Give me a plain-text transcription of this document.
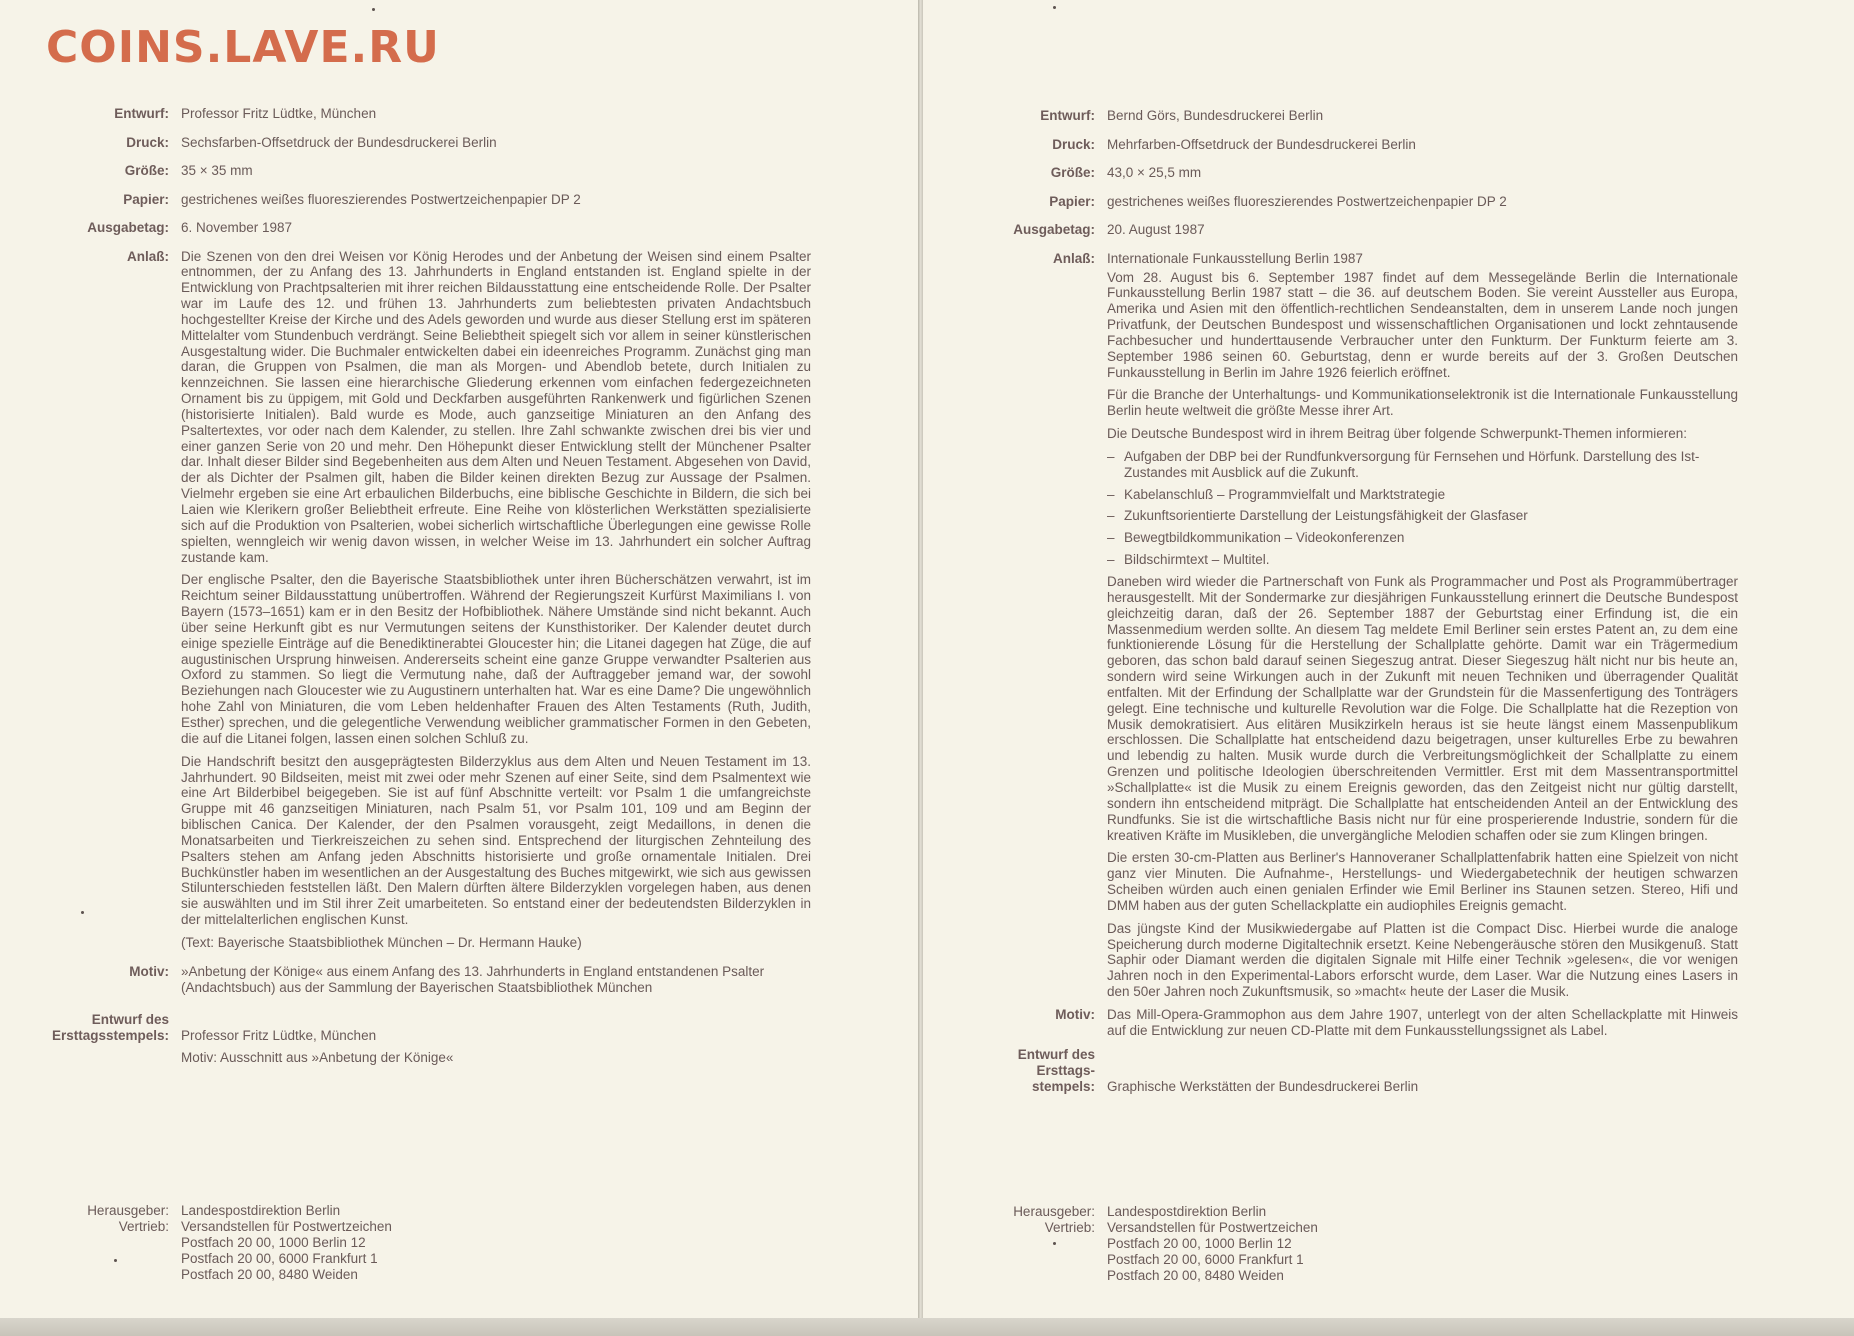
COINS.LAVE.RU
Entwurf: Professor Fritz Lüdtke, München
Druck: Sechsfarben-Offsetdruck der Bundesdruckerei Berlin
Größe: 35 × 35 mm
Papier: gestrichenes weißes fluoreszierendes Postwertzeichenpapier DP 2
Ausgabetag: 6. November 1987
Anlaß: Die Szenen von den drei Weisen vor König Herodes und der Anbetung der Weisen sind einem Psalter entnommen, der zu Anfang des 13. Jahrhunderts in England entstanden ist. England spielte in der Entwicklung von Prachtpsalterien mit ihrer reichen Bildausstattung eine entscheidende Rolle. Der Psalter war im Laufe des 12. und frühen 13. Jahrhunderts zum beliebtesten privaten Andachtsbuch hochgestellter Kreise der Kirche und des Adels geworden und wurde aus dieser Stellung erst im späteren Mittelalter vom Stundenbuch verdrängt. Seine Beliebtheit spiegelt sich vor allem in seiner künstlerischen Ausgestaltung wider. Die Buchmaler entwickelten dabei ein ideenreiches Programm. Zunächst ging man daran, die Gruppen von Psalmen, die man als Morgen- und Abendlob betete, durch Initialen zu kennzeichnen. Sie lassen eine hierarchische Gliederung erkennen vom einfachen federgezeichneten Ornament bis zu üppigem, mit Gold und Deckfarben ausgeführten Rankenwerk und figürlichen Szenen (historisierte Initialen). Bald wurde es Mode, auch ganzseitige Miniaturen an den Anfang des Psaltertextes, vor oder nach dem Kalender, zu stellen. Ihre Zahl schwankte zwischen drei bis vier und einer ganzen Serie von 20 und mehr. Den Höhepunkt dieser Entwicklung stellt der Münchener Psalter dar. Inhalt dieser Bilder sind Begebenheiten aus dem Alten und Neuen Testament. Abgesehen von David, der als Dichter der Psalmen gilt, haben die Bilder keinen direkten Bezug zur Aussage der Psalmen. Vielmehr ergeben sie eine Art erbaulichen Bilderbuchs, eine biblische Geschichte in Bildern, die sich bei Laien wie Klerikern großer Beliebtheit erfreute. Eine Reihe von klösterlichen Werkstätten spezialisierte sich auf die Produktion von Psalterien, wobei sicherlich wirtschaftliche Überlegungen eine gewisse Rolle spielten, wenngleich wir wenig davon wissen, in welcher Weise im 13. Jahrhundert ein solcher Auftrag zustande kam.

Der englische Psalter, den die Bayerische Staatsbibliothek unter ihren Bücherschätzen verwahrt, ist im Reichtum seiner Bildausstattung unübertroffen. Während der Regierungszeit Kurfürst Maximilians I. von Bayern (1573–1651) kam er in den Besitz der Hofbibliothek. Nähere Umstände sind nicht bekannt. Auch über seine Herkunft gibt es nur Vermutungen seitens der Kunsthistoriker. Der Kalender deutet durch einige spezielle Einträge auf die Benediktinerabtei Gloucester hin; die Litanei dagegen hat Züge, die auf augustinischen Ursprung hinweisen. Andererseits scheint eine ganze Gruppe verwandter Psalterien aus Oxford zu stammen. So liegt die Vermutung nahe, daß der Auftraggeber jemand war, der sowohl Beziehungen nach Gloucester wie zu Augustinern unterhalten hat. War es eine Dame? Die ungewöhnlich hohe Zahl von Miniaturen, die vom Leben heldenhafter Frauen des Alten Testaments (Ruth, Judith, Esther) sprechen, und die gelegentliche Verwendung weiblicher grammatischer Formen in den Gebeten, die auf die Litanei folgen, lassen einen solchen Schluß zu.

Die Handschrift besitzt den ausgeprägtesten Bilderzyklus aus dem Alten und Neuen Testament im 13. Jahrhundert. 90 Bildseiten, meist mit zwei oder mehr Szenen auf einer Seite, sind dem Psalmentext wie eine Art Bilderbibel beigegeben. Sie ist auf fünf Abschnitte verteilt: vor Psalm 1 die umfangreichste Gruppe mit 46 ganzseitigen Miniaturen, nach Psalm 51, vor Psalm 101, 109 und am Beginn der biblischen Canica. Der Kalender, der den Psalmen vorausgeht, zeigt Medaillons, in denen die Monatsarbeiten und Tierkreiszeichen zu sehen sind. Entsprechend der liturgischen Zehnteilung des Psalters stehen am Anfang jeden Abschnitts historisierte und große ornamentale Initialen. Drei Buchkünstler haben im wesentlichen an der Ausgestaltung des Buches mitgewirkt, wie sich aus gewissen Stilunterschieden feststellen läßt. Den Malern dürften ältere Bilderzyklen vorgelegen haben, aus denen sie auswählten und im Stil ihrer Zeit umarbeiteten. So entstand einer der bedeutendsten Bilderzyklen in der mittelalterlichen englischen Kunst.

(Text: Bayerische Staatsbibliothek München – Dr. Hermann Hauke)

Motiv: »Anbetung der Könige« aus einem Anfang des 13. Jahrhunderts in England entstandenen Psalter (Andachtsbuch) aus der Sammlung der Bayerischen Staatsbibliothek München
Entwurf des
Ersttagsstempels: Professor Fritz Lüdtke, München
Motiv: Ausschnitt aus »Anbetung der Könige«
Herausgeber: Landespostdirektion Berlin
Vertrieb: Versandstellen für Postwertzeichen
Postfach 20 00, 1000 Berlin 12
Postfach 20 00, 6000 Frankfurt 1
Postfach 20 00, 8480 Weiden
Entwurf: Bernd Görs, Bundesdruckerei Berlin
Druck: Mehrfarben-Offsetdruck der Bundesdruckerei Berlin
Größe: 43,0 × 25,5 mm
Papier: gestrichenes weißes fluoreszierendes Postwertzeichenpapier DP 2
Ausgabetag: 20. August 1987
Anlaß: Internationale Funkausstellung Berlin 1987

Vom 28. August bis 6. September 1987 findet auf dem Messegelände Berlin die Internationale Funkausstellung Berlin 1987 statt – die 36. auf deutschem Boden. Sie vereint Aussteller aus Europa, Amerika und Asien mit den öffentlich-rechtlichen Sendeanstalten, dem in unserem Lande noch jungen Privatfunk, der Deutschen Bundespost und wissenschaftlichen Organisationen und lockt zehntausende Fachbesucher und hunderttausende Verbraucher unter den Funkturm. Der Funkturm feierte am 3. September 1986 seinen 60. Geburtstag, denn er wurde bereits auf der 3. Großen Deutschen Funkausstellung in Berlin im Jahre 1926 feierlich eröffnet.

Für die Branche der Unterhaltungs- und Kommunikationselektronik ist die Internationale Funkausstellung Berlin heute weltweit die größte Messe ihrer Art.

Die Deutsche Bundespost wird in ihrem Beitrag über folgende Schwerpunkt-Themen informieren:

– Aufgaben der DBP bei der Rundfunkversorgung für Fernsehen und Hörfunk. Darstellung des Ist-Zustandes mit Ausblick auf die Zukunft.
– Kabelanschluß – Programmvielfalt und Marktstrategie
– Zukunftsorientierte Darstellung der Leistungsfähigkeit der Glasfaser
– Bewegtbildkommunikation – Videokonferenzen
– Bildschirmtext – Multitel.

Daneben wird wieder die Partnerschaft von Funk als Programmacher und Post als Programmübertrager herausgestellt. Mit der Sondermarke zur diesjährigen Funkausstellung erinnert die Deutsche Bundespost gleichzeitig daran, daß der 26. September 1887 der Geburtstag einer Erfindung ist, die ein Massenmedium werden sollte. An diesem Tag meldete Emil Berliner sein erstes Patent an, zu dem eine funktionierende Lösung für die Herstellung der Schallplatte gehörte. Damit war ein Trägermedium geboren, das schon bald darauf seinen Siegeszug antrat. Dieser Siegeszug hält nicht nur bis heute an, sondern wird seine Wirkungen auch in der Zukunft mit neuen Techniken und überragender Qualität entfalten. Mit der Erfindung der Schallplatte war der Grundstein für die Massenfertigung des Tonträgers gelegt. Eine technische und kulturelle Revolution war die Folge. Die Schallplatte hat die Rezeption von Musik demokratisiert. Aus elitären Musikzirkeln heraus ist sie heute längst einem Massenpublikum erschlossen. Die Schallplatte hat entscheidend dazu beigetragen, unser kulturelles Erbe zu bewahren und lebendig zu halten. Musik wurde durch die Verbreitungsmöglichkeit der Schallplatte zu einem Grenzen und politische Ideologien überschreitenden Vermittler. Erst mit dem Massentransportmittel »Schallplatte« ist die Musik zu einem Ereignis geworden, das den Zeitgeist nicht nur gültig darstellt, sondern ihn entscheidend mitprägt. Die Schallplatte hat entscheidenden Anteil an der Entwicklung des Rundfunks. Sie ist die wirtschaftliche Basis nicht nur für eine prosperierende Industrie, sondern für die kreativen Kräfte im Musikleben, die unvergängliche Melodien schaffen oder sie zum Klingen bringen.

Die ersten 30-cm-Platten aus Berliner's Hannoveraner Schallplattenfabrik hatten eine Spielzeit von nicht ganz vier Minuten. Die Aufnahme-, Herstellungs- und Wiedergabetechnik der heutigen schwarzen Scheiben würden auch einen genialen Erfinder wie Emil Berliner ins Staunen setzen. Stereo, Hifi und DMM haben aus der guten Schellackplatte ein audiophiles Ereignis gemacht.

Das jüngste Kind der Musikwiedergabe auf Platten ist die Compact Disc. Hierbei wurde die analoge Speicherung durch moderne Digitaltechnik ersetzt. Keine Nebengeräusche stören den Musikgenuß. Statt Saphir oder Diamant werden die digitalen Signale mit Hilfe einer Technik »gelesen«, die vor wenigen Jahren noch in den Experimental-Labors erforscht wurde, dem Laser. War die Nutzung eines Lasers in den 50er Jahren noch Zukunftsmusik, so »macht« heute der Laser die Musik.

Motiv: Das Mill-Opera-Grammophon aus dem Jahre 1907, unterlegt von der alten Schellackplatte mit Hinweis auf die Entwicklung zur neuen CD-Platte mit dem Funkausstellungssignet als Label.
Entwurf des
Ersttags-
stempels: Graphische Werkstätten der Bundesdruckerei Berlin
Herausgeber: Landespostdirektion Berlin
Vertrieb: Versandstellen für Postwertzeichen
Postfach 20 00, 1000 Berlin 12
Postfach 20 00, 6000 Frankfurt 1
Postfach 20 00, 8480 Weiden
